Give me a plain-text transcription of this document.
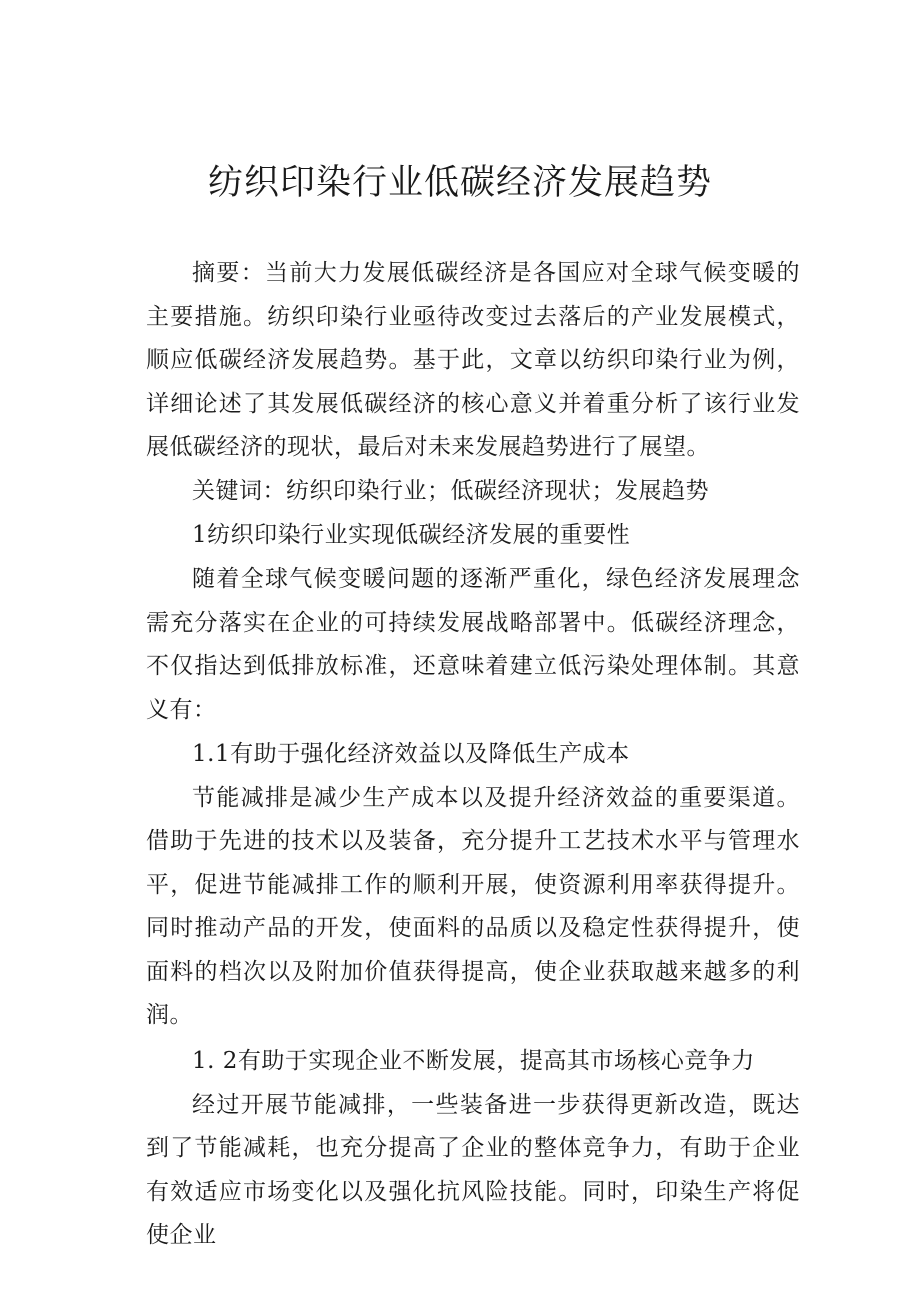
纺织印染行业低碳经济发展趋势

摘要：当前大力发展低碳经济是各国应对全球气候变暖的主要措施。纺织印染行业亟待改变过去落后的产业发展模式，顺应低碳经济发展趋势。基于此，文章以纺织印染行业为例，详细论述了其发展低碳经济的核心意义并着重分析了该行业发展低碳经济的现状，最后对未来发展趋势进行了展望。

关键词：纺织印染行业；低碳经济现状；发展趋势

1纺织印染行业实现低碳经济发展的重要性

随着全球气候变暖问题的逐渐严重化，绿色经济发展理念需充分落实在企业的可持续发展战略部署中。低碳经济理念，不仅指达到低排放标准，还意味着建立低污染处理体制。其意义有：

1.1有助于强化经济效益以及降低生产成本

节能减排是减少生产成本以及提升经济效益的重要渠道。借助于先进的技术以及装备，充分提升工艺技术水平与管理水平，促进节能减排工作的顺利开展，使资源利用率获得提升。同时推动产品的开发，使面料的品质以及稳定性获得提升，使面料的档次以及附加价值获得提高，使企业获取越来越多的利润。

1. 2有助于实现企业不断发展，提高其市场核心竞争力

经过开展节能减排，一些装备进一步获得更新改造，既达到了节能减耗，也充分提高了企业的整体竞争力，有助于企业有效适应市场变化以及强化抗风险技能。同时，印染生产将促使企业
